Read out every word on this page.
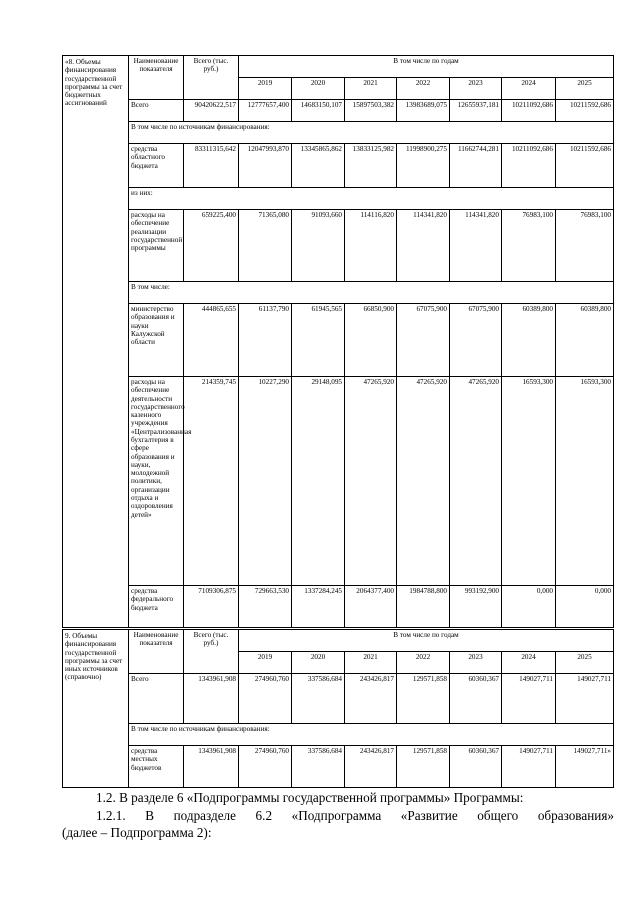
«8. Объемы финансирования государственной программы за счет бюджетных ассигнований	Наименование показателя	Всего (тыс. руб.)	В том числе по годам						
			2019	2020	2021	2022	2023	2024	2025
	Всего	90420622,517	12777657,400	14683150,107	15897503,382	13983689,075	12655937,181	10211092,686	10211592,686
	В том числе по источникам финансирования:								
	средства областного бюджета	83311315,642	12047993,870	13345865,862	13833125,982	11998900,275	11662744,281	10211092,686	10211592,686
	из них:								
	расходы на обеспечение реализации государственной программы	659225,400	71365,080	91093,660	114116,820	114341,820	114341,820	76983,100	76983,100
	В том числе:								
	министерство образования и науки Калужской области	444865,655	61137,790	61945,565	66850,900	67075,900	67075,900	60389,800	60389,800
	расходы на обеспечение деятельности государственного казенного учреждения «Централизованная бухгалтерия в сфере образования и науки, молодежной политики, организации отдыха и оздоровления детей»	214359,745	10227,290	29148,095	47265,920	47265,920	47265,920	16593,300	16593,300
	средства федерального бюджета	7109306,875	729663,530	1337284,245	2064377,400	1984788,800	993192,900	0,000	0,000
9. Объемы финансирования государственной программы за счет иных источников (справочно)	Наименование показателя	Всего (тыс. руб.)	В том числе по годам						
			2019	2020	2021	2022	2023	2024	2025
	Всего	1343961,908	274960,760	337586,684	243426,817	129571,858	60360,367	149027,711	149027,711
	В том числе по источникам финансирования:								
	средства местных бюджетов	1343961,908	274960,760	337586,684	243426,817	129571,858	60360,367	149027,711	149027,711»
1.2. В разделе 6 «Подпрограммы государственной программы» Программы:
1.2.1. В подразделе 6.2 «Подпрограмма «Развитие общего образования»
(далее – Подпрограмма 2):
